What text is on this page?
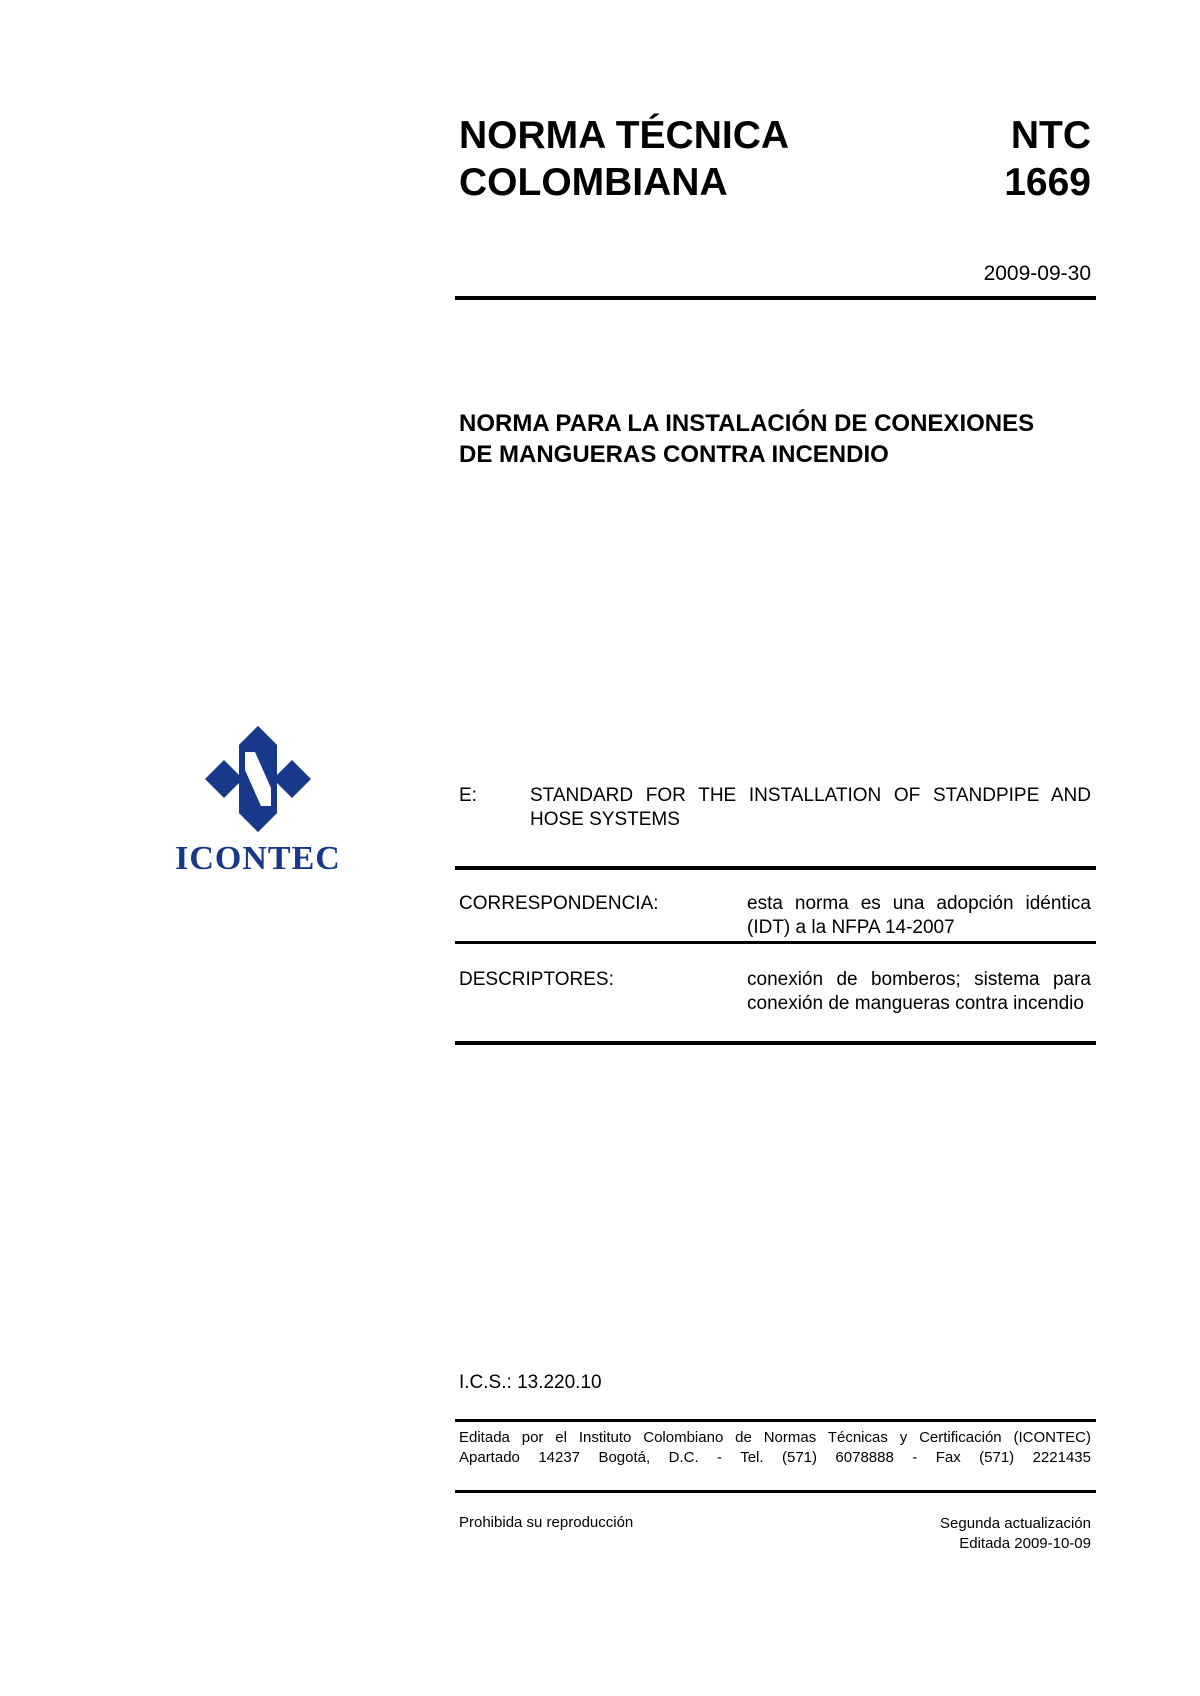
NORMA TÉCNICA
COLOMBIANA
NTC
1669
2009-09-30
NORMA PARA LA INSTALACIÓN DE CONEXIONES
DE MANGUERAS CONTRA INCENDIO
ICONTEC
E:	STANDARD FOR THE INSTALLATION OF STANDPIPE AND HOSE SYSTEMS
CORRESPONDENCIA:	esta norma es una adopción idéntica (IDT) a la NFPA 14-2007
DESCRIPTORES:	conexión de bomberos; sistema para conexión de mangueras contra incendio
I.C.S.: 13.220.10
Editada por el Instituto Colombiano de Normas Técnicas y Certificación (ICONTEC)
Apartado 14237 Bogotá, D.C. - Tel. (571) 6078888 - Fax (571) 2221435
Prohibida su reproducción	Segunda actualización
Editada 2009-10-09
